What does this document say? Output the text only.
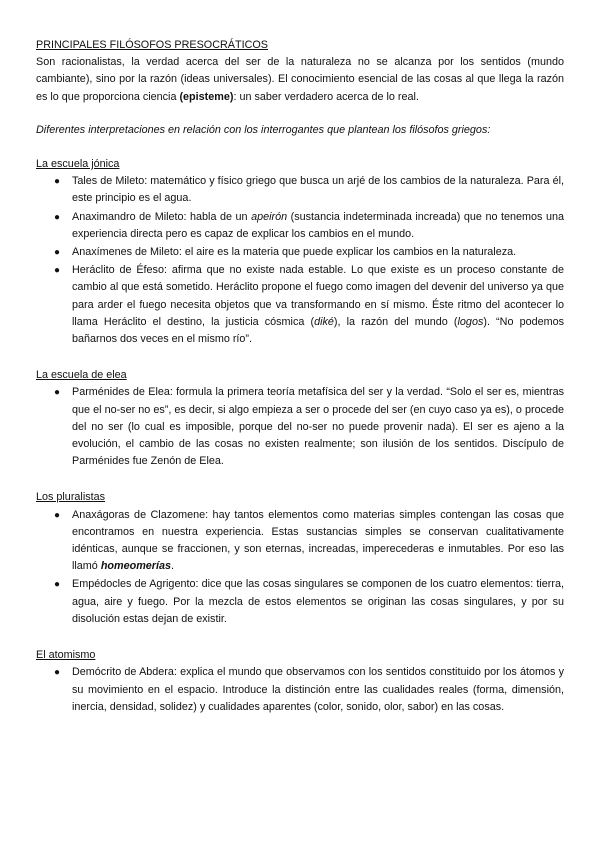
PRINCIPALES FILÓSOFOS PRESOCRÁTICOS

Son racionalistas, la verdad acerca del ser de la naturaleza no se alcanza por los sentidos (mundo cambiante), sino por la razón (ideas universales). El conocimiento esencial de las cosas al que llega la razón es lo que proporciona ciencia (episteme): un saber verdadero acerca de lo real.

Diferentes interpretaciones en relación con los interrogantes que plantean los filósofos griegos:

La escuela jónica

● Tales de Mileto: matemático y físico griego que busca un arjé de los cambios de la naturaleza. Para él, este principio es el agua.
● Anaximandro de Mileto: habla de un apeirón (sustancia indeterminada increada) que no tenemos una experiencia directa pero es capaz de explicar los cambios en el mundo.
● Anaxímenes de Mileto: el aire es la materia que puede explicar los cambios en la naturaleza.
● Heráclito de Éfeso: afirma que no existe nada estable. Lo que existe es un proceso constante de cambio al que está sometido. Heráclito propone el fuego como imagen del devenir del universo ya que para arder el fuego necesita objetos que va transformando en sí mismo. Éste ritmo del acontecer lo llama Heráclito el destino, la justicia cósmica (diké), la razón del mundo (logos). “No podemos bañarnos dos veces en el mismo río”.

La escuela de elea

● Parménides de Elea: formula la primera teoría metafísica del ser y la verdad. “Solo el ser es, mientras que el no-ser no es”, es decir, si algo empieza a ser o procede del ser (en cuyo caso ya es), o procede del no ser (lo cual es imposible, porque del no-ser no puede provenir nada). El ser es ajeno a la evolución, el cambio de las cosas no existen realmente; son ilusión de los sentidos. Discípulo de Parménides fue Zenón de Elea.

Los pluralistas

● Anaxágoras de Clazomene: hay tantos elementos como materias simples contengan las cosas que encontramos en nuestra experiencia. Estas sustancias simples se conservan cualitativamente idénticas, aunque se fraccionen, y son eternas, increadas, imperecederas e inmutables. Por eso las llamó homeomerías.
● Empédocles de Agrigento: dice que las cosas singulares se componen de los cuatro elementos: tierra, agua, aire y fuego. Por la mezcla de estos elementos se originan las cosas singulares, y por su disolución estas dejan de existir.

El atomismo

● Demócrito de Abdera: explica el mundo que observamos con los sentidos constituido por los átomos y su movimiento en el espacio. Introduce la distinción entre las cualidades reales (forma, dimensión, inercia, densidad, solidez) y cualidades aparentes (color, sonido, olor, sabor) en las cosas.
